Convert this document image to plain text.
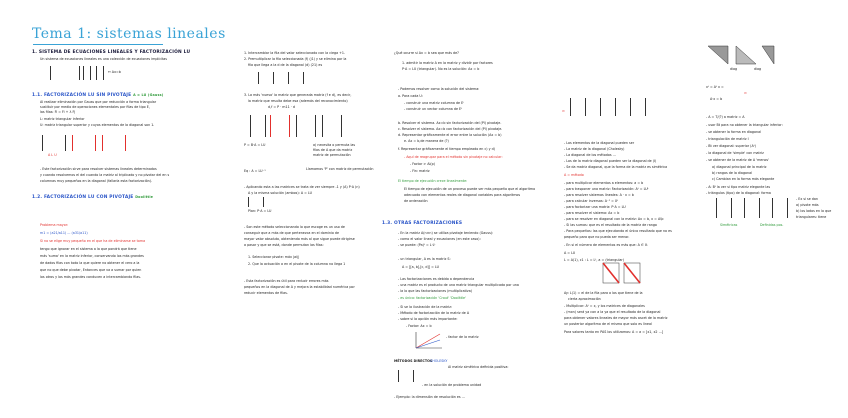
Tema 1: sistemas lineales
1. SISTEMA DE ECUACIONES LINEALES Y FACTORIZACIÓN LU
Un sistema de ecuaciones lineales es una colección de ecuaciones implícitas
↔ Ax=b
1.1. FACTORIZACIÓN LU SIN PIVOTAJE A = LU (Gauss)
Al realizar eliminación por Gauss que por reducción a forma triangular
sustituir por medio de operaciones elementales por filas de tipo E,
las filas: Fi = Fi + λ Fj
L: matriz triangular inferior
U: matriz triangular superior y cuyos elementos de la diagonal son 1.
A L U
- Este factorización sirve para resolver sistemas lineales determinados
y cuando resolvemos el del cuando la matriz al triplicado y no pivotar del en s
columnas muy pequeños en la diagonal (fallaría esta factorización).
1.2. FACTORIZACIÓN LU CON PIVOTAJE Doolittle
Problema mayor:
m1 = (a21/a11) ... (a31/a11)
Si no se elige muy pequeño en el que ha de eliminarse se toma
tengo que ignorar en el sistema a la que pondrá que tiene
más 'suma' en la matriz inferior, conservando los más grandes
de dados filas con todo la que quiere no obtener el cero a la
que no que debe pivotar, Entonces que va a sumar por quien
los otros y los más grandes conducen a intercambiando filas.
1. Intercambiar la fila del valor seleccionado con la ciega +1.
2. Premultiplicar la fila seleccionada (f) (j1) y se elimina por la
fila que llega a la d de la diagonal (d) (21) es
3. La más 'nuevo' la matriz que generada matriz (f e d), es decir,
la matriz que resulta debe esa (además del reconocimiento)
d,f = P · m11 · d
P = B·A = LU	a) necesita o permuta las
filas de A que da matriz
matriz de permutación
Eq : A = LU⁻¹	Llamamos 'P' con matriz de permutación
- Aplicando esta a las matrices se trata de ver siempre -1 y (A) P·A (n)
A y la misma solución (ambos): A = LU
Plan: P·A = LU
- Son este método seleccionando lo que escoge es un uso de
conseguir que a más de que pertenezca en el dominio de
mayor valor absoluto, obteniendo más al que sigue puede dirigirse
a pasar y que se está, donde permutan las filas:
1. Seleccionar pivote: máx |aij|
2. Que la actuación a en el pivote de la columna no llega 1
- Esta factorización es útil para reducir errores más
pequeños en la diagonal de A y mejora la estabilidad numérica por
reducir elementos de filas.
¿Qué ocurre si Ax = b sea que más de?
1. admitir la matriz A en la matriz y dividir por factores
P·A = LU (triangular). No es la solución: Ax = b
- Podemos resolver como la solución del sistema:
a. Para cada U:
- construir una matriz columna de Eⁱ
- construir un vector columna de Eᵗ
b. Resolver el sistema. Ax=b sin factorización del (Pl) pivotaje.
c. Resolver el sistema. Ax=b con factorización del (Pl) pivotaje.
d. Representar gráficamente el error entre la solución (Ax = b)
e. Ax = b,de manera de (?)
f. Representar gráficamente el tiempo empleado en c) y d)
- Aquí de reagrupar para el método sin pivotaje no calcular:
- Factor > Ai(p)
- Fin: matriz
El tiempo de ejecución crece linealmente:
El tiempo de ejecución de un proceso puede ser más pequeño que el algoritmo
adecuado con elementos reales de diagonal variables para algoritmos
de ordenación
1.3. OTRAS FACTORIZACIONES
- En la matriz A(n×n) se utiliza pivotaje teniendo (Gauss):
- como el valor lineal y ecuaciones (en este caso):
- se puede: (Pa)ᵗ = L·Lᵗ
- un triangular, A es la matriz S:
A = [[a, b],[c, d]] = LU
- Las factorizaciones es debido a dependencia
- una matriz es el producto de una matriz triangular multiplicada por una
- la lo que las factorizaciones (multiplicativa)
- es único: factorización 'Crout' 'Doolittle'
- Si se la ilustración de la matriz:
- Método de factorización de la matriz de A
- sobre si la opción más importante:
- Factor: Ax = b
- factor de la matriz
MÉTODOS DIRECTOS
CHOLESKY
Al matriz simétrica definida positiva:
- en la solución de problema unidad
- Ejemplo: la dimensión de resolución es ...
⊙
- Los elementos de la diagonal pueden ser
- La matriz de la diagonal (Cholesky)
- La diagonal de los métodos ...
- Los de la matriz diagonal pueden ser la diagonal de (I)
- Se da matriz diagonal, que la forma de la matriz es simétrica
A = método
- para multiplicar elementos a elementos: a = b
- para trasponer una matriz: Factorización: Aᵗ = LUᵗ
- para resolver sistemas lineales: A · x = b
- para calcular inversas: A⁻¹ = Xᵗ
- para factorizar una matriz: P·A = LU
- para resolver el sistema: Ax = b
- para se resolver en diagonal con la matriz: Ax = b, x = A\b
- Si las sumas: que es el resultado de la matriz de rango
- Para pequeños: las que ejecutando el único resultado que no es
pequeño para que no pueda ser menor.
- En si el número de elementos es más que: A ∈ ℝ
A = LU
L = A(1), c1 : L = Lᵗ, a = (triangular)
Ay: L(1) = el de la fila para a los que tiene de la
cierta aproximación
- Multiplicar: Aᵗ = x, y los matrices de diagonales
- (mxn) será ya con a la ya que el resultado de la diagonal
para obtener valores lineales de mayor más ascet de la matriz
un posterior algoritmo de el mismo que solo es lineal
Para valores tanto en PAS los utilizamos: A = a = [x1, x2 ...]
diag	diag
xᵗ = Aᵗ x =
⊙
A·x = b
- A = T/(?) a matriz = A
- usar Bt para no obtener la triangular inferior:
- se obtener la forma en diagonal
- triangulación de matriz I
- Bt ver diagonal: superior (Aᵗ)
- la diagonal de 'simple' con matriz
- se obtener de la matriz de A 'menos'
a) diagonal principal de la matriz
b) rangos de la diagonal
c) Cambian en la forma más elegante
- A: Bᵗ la ver si tipo matriz elegante las
- triángulos (tipo) de la diagonal: forma
- Ex si se dan
a) pivote más
b) los lados en lo que
triangulares: tiene
Simétricas	Definidas pos.
